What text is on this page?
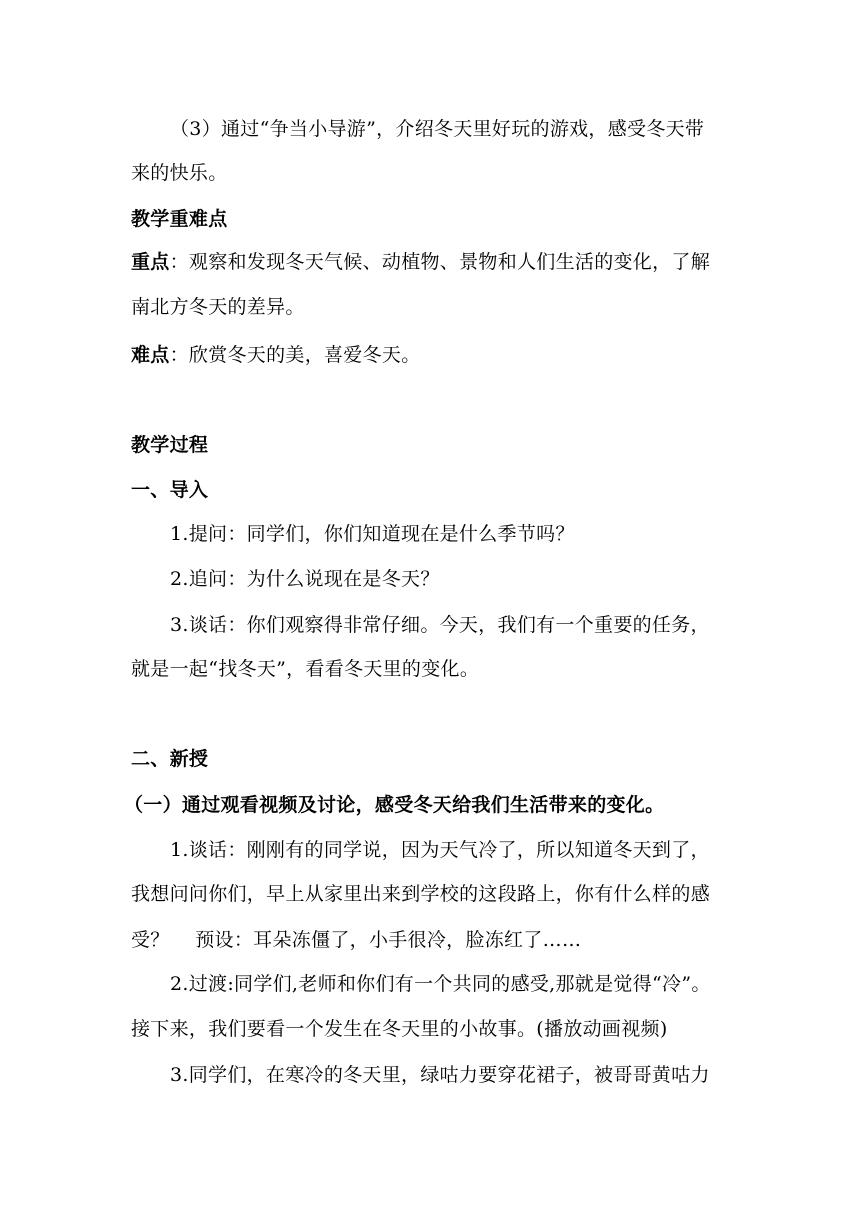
（3）通过“争当小导游”，介绍冬天里好玩的游戏，感受冬天带
来的快乐。
教学重难点
重点：观察和发现冬天气候、动植物、景物和人们生活的变化，了解
南北方冬天的差异。
难点：欣赏冬天的美，喜爱冬天。
教学过程
一、导入
1.提问：同学们，你们知道现在是什么季节吗？
2.追问：为什么说现在是冬天？
3.谈话：你们观察得非常仔细。今天，我们有一个重要的任务，
就是一起“找冬天”，看看冬天里的变化。
二、新授
（一）通过观看视频及讨论，感受冬天给我们生活带来的变化。
1.谈话：刚刚有的同学说，因为天气冷了，所以知道冬天到了，
我想问问你们，早上从家里出来到学校的这段路上，你有什么样的感
受？　 预设：耳朵冻僵了，小手很冷，脸冻红了……
2.过渡:同学们,老师和你们有一个共同的感受,那就是觉得“冷”。
接下来，我们要看一个发生在冬天里的小故事。(播放动画视频)
3.同学们，在寒冷的冬天里，绿咕力要穿花裙子，被哥哥黄咕力
